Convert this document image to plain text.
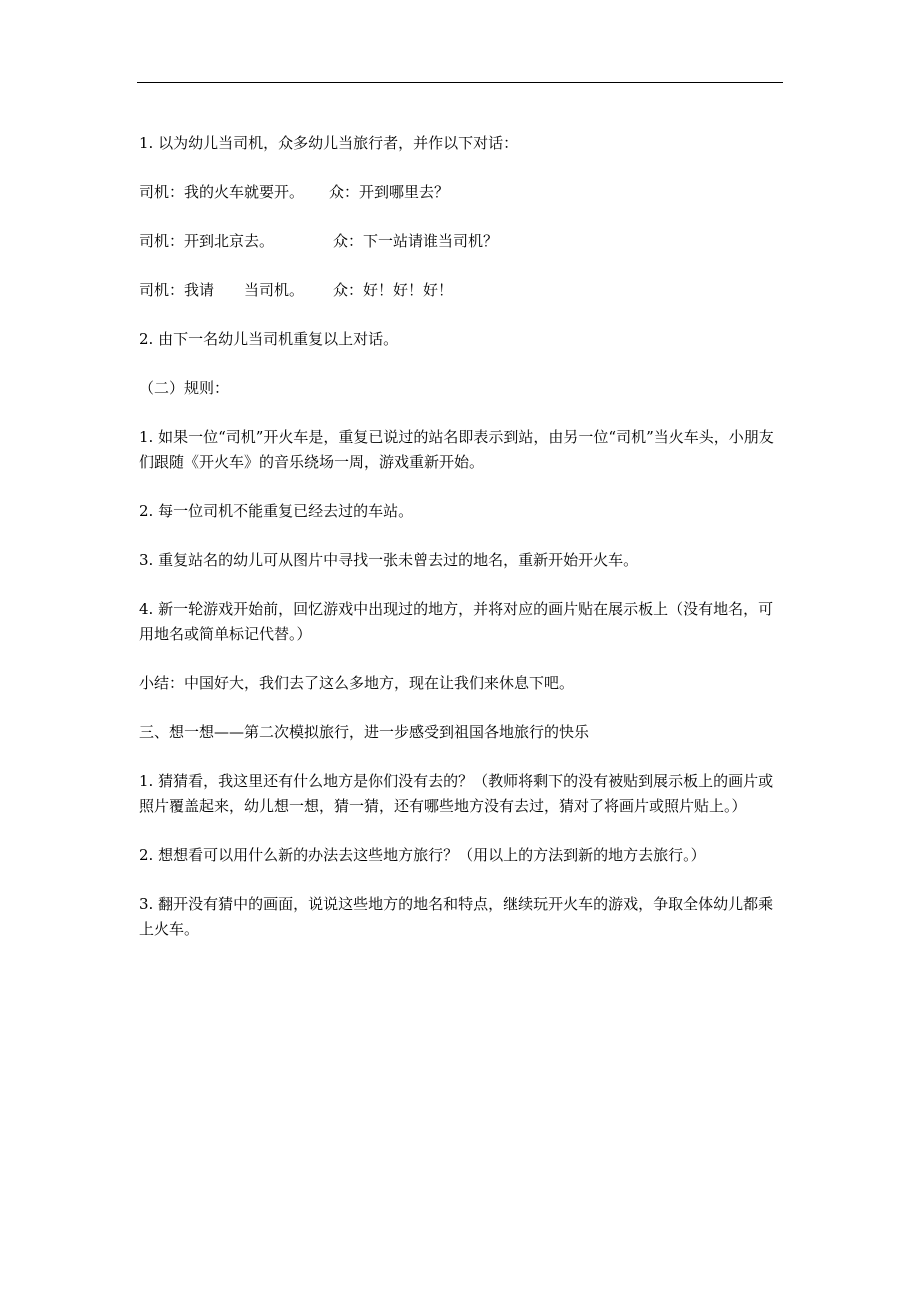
1. 以为幼儿当司机，众多幼儿当旅行者，并作以下对话：

司机：我的火车就要开。	众：开到哪里去？
司机：开到北京去。	众：下一站请谁当司机？
司机：我请 当司机。	众：好！好！好！

2. 由下一名幼儿当司机重复以上对话。

（二）规则：

1. 如果一位“司机”开火车是，重复已说过的站名即表示到站，由另一位“司机”当火车头，小朋友们跟随《开火车》的音乐绕场一周，游戏重新开始。

2. 每一位司机不能重复已经去过的车站。

3. 重复站名的幼儿可从图片中寻找一张未曾去过的地名，重新开始开火车。

4. 新一轮游戏开始前，回忆游戏中出现过的地方，并将对应的画片贴在展示板上（没有地名，可用地名或简单标记代替。）

小结：中国好大，我们去了这么多地方，现在让我们来休息下吧。

三、想一想——第二次模拟旅行，进一步感受到祖国各地旅行的快乐

1. 猜猜看，我这里还有什么地方是你们没有去的？（教师将剩下的没有被贴到展示板上的画片或照片覆盖起来，幼儿想一想，猜一猜，还有哪些地方没有去过，猜对了将画片或照片贴上。）

2. 想想看可以用什么新的办法去这些地方旅行？（用以上的方法到新的地方去旅行。）

3. 翻开没有猜中的画面，说说这些地方的地名和特点，继续玩开火车的游戏，争取全体幼儿都乘上火车。
